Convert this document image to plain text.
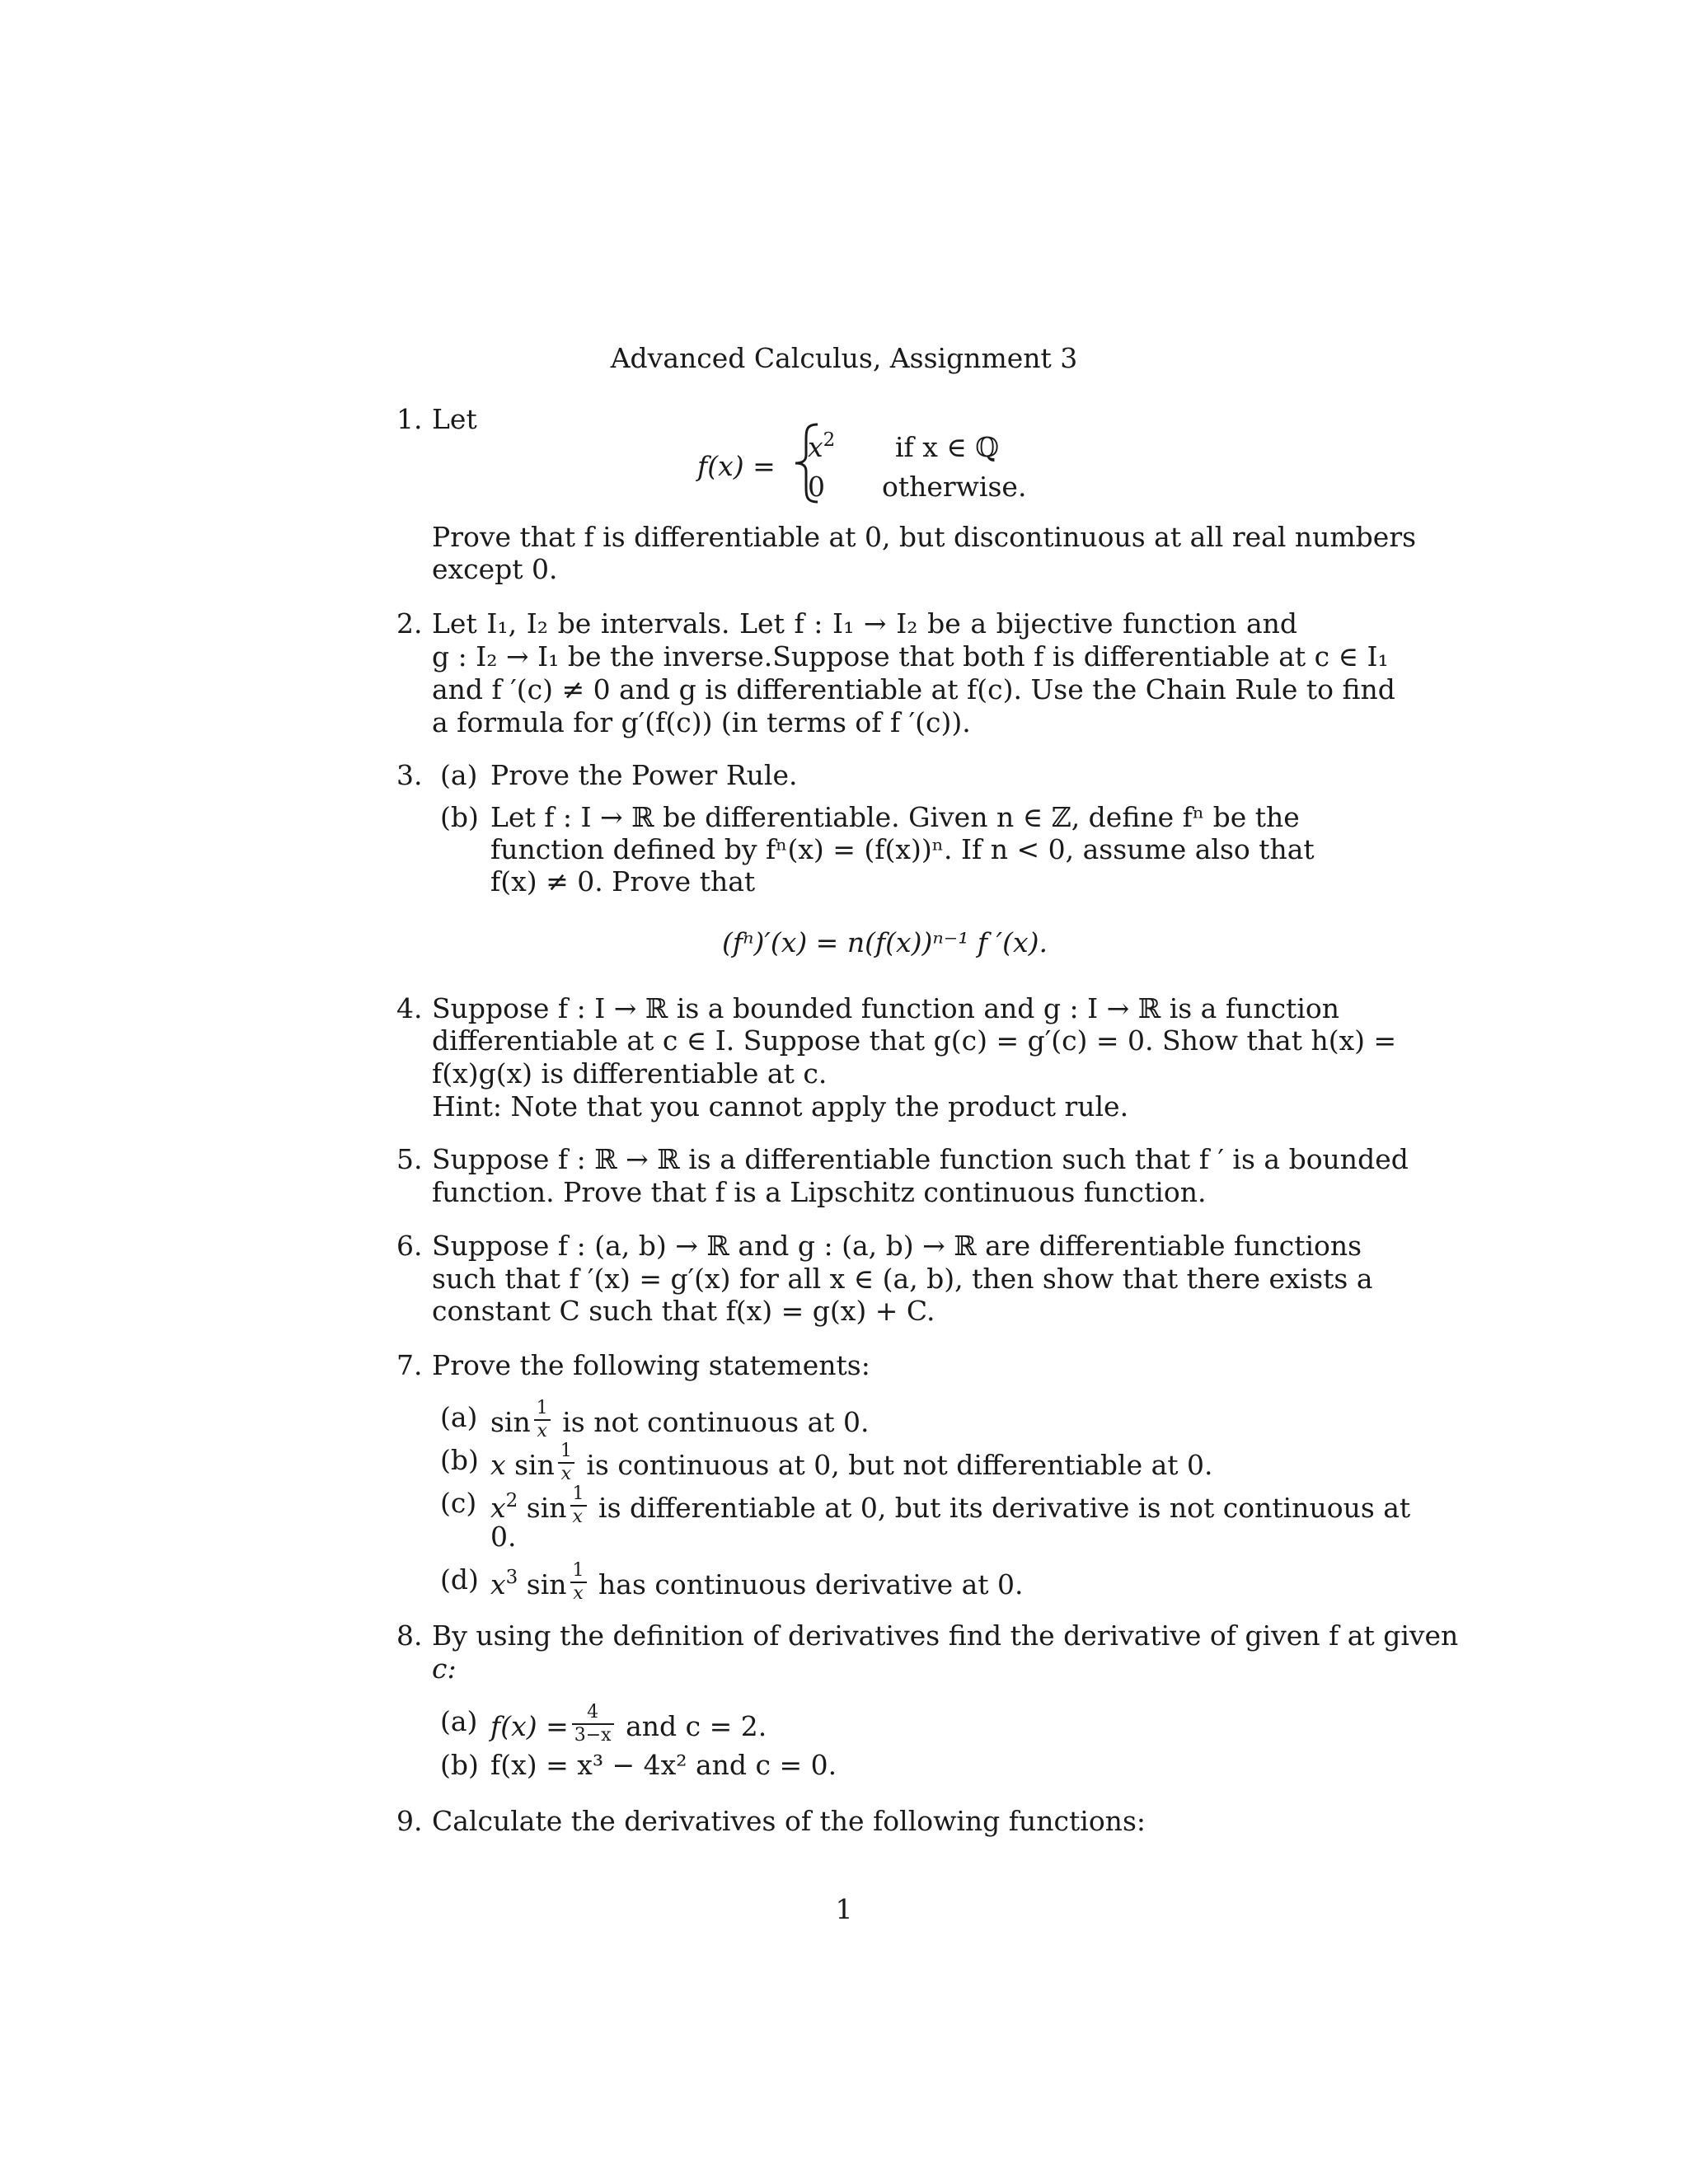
Advanced Calculus, Assignment 3
1. Let
f(x) =
$x^2$ if x ∈ ℚ
0 otherwise.
Prove that f is differentiable at 0, but discontinuous at all real numbers
except 0.
2. Let I₁, I₂ be intervals. Let f : I₁ → I₂ be a bijective function and
g : I₂ → I₁ be the inverse.Suppose that both f is differentiable at c ∈ I₁
and f ′(c) ≠ 0 and g is differentiable at f(c). Use the Chain Rule to find
a formula for g′(f(c)) (in terms of f ′(c)).
3. (a) Prove the Power Rule.
(b) Let f : I → ℝ be differentiable. Given n ∈ ℤ, define fⁿ be the
function defined by fⁿ(x) = (f(x))ⁿ. If n < 0, assume also that
f(x) ≠ 0. Prove that
(fⁿ)′(x) = n(f(x))ⁿ⁻¹ f ′(x).
4. Suppose f : I → ℝ is a bounded function and g : I → ℝ is a function
differentiable at c ∈ I. Suppose that g(c) = g′(c) = 0. Show that h(x) =
f(x)g(x) is differentiable at c.
Hint: Note that you cannot apply the product rule.
5. Suppose f : ℝ → ℝ is a differentiable function such that f ′ is a bounded
function. Prove that f is a Lipschitz continuous function.
6. Suppose f : (a, b) → ℝ and g : (a, b) → ℝ are differentiable functions
such that f ′(x) = g′(x) for all x ∈ (a, b), then show that there exists a
constant C such that f(x) = g(x) + C.
7. Prove the following statements:
(a) $\sin \frac{1}{x}$ is not continuous at 0.
(b) x $\sin \frac{1}{x}$ is continuous at 0, but not differentiable at 0.
(c) $x^2$ $\sin \frac{1}{x}$ is differentiable at 0, but its derivative is not continuous at
0.
(d) $x^3$ $\sin \frac{1}{x}$ has continuous derivative at 0.
8. By using the definition of derivatives find the derivative of given f at given
c:
(a) $f(x) = \frac{4}{3-x}$ and c = 2.
(b) f(x) = x³ − 4x² and c = 0.
9. Calculate the derivatives of the following functions:
1
